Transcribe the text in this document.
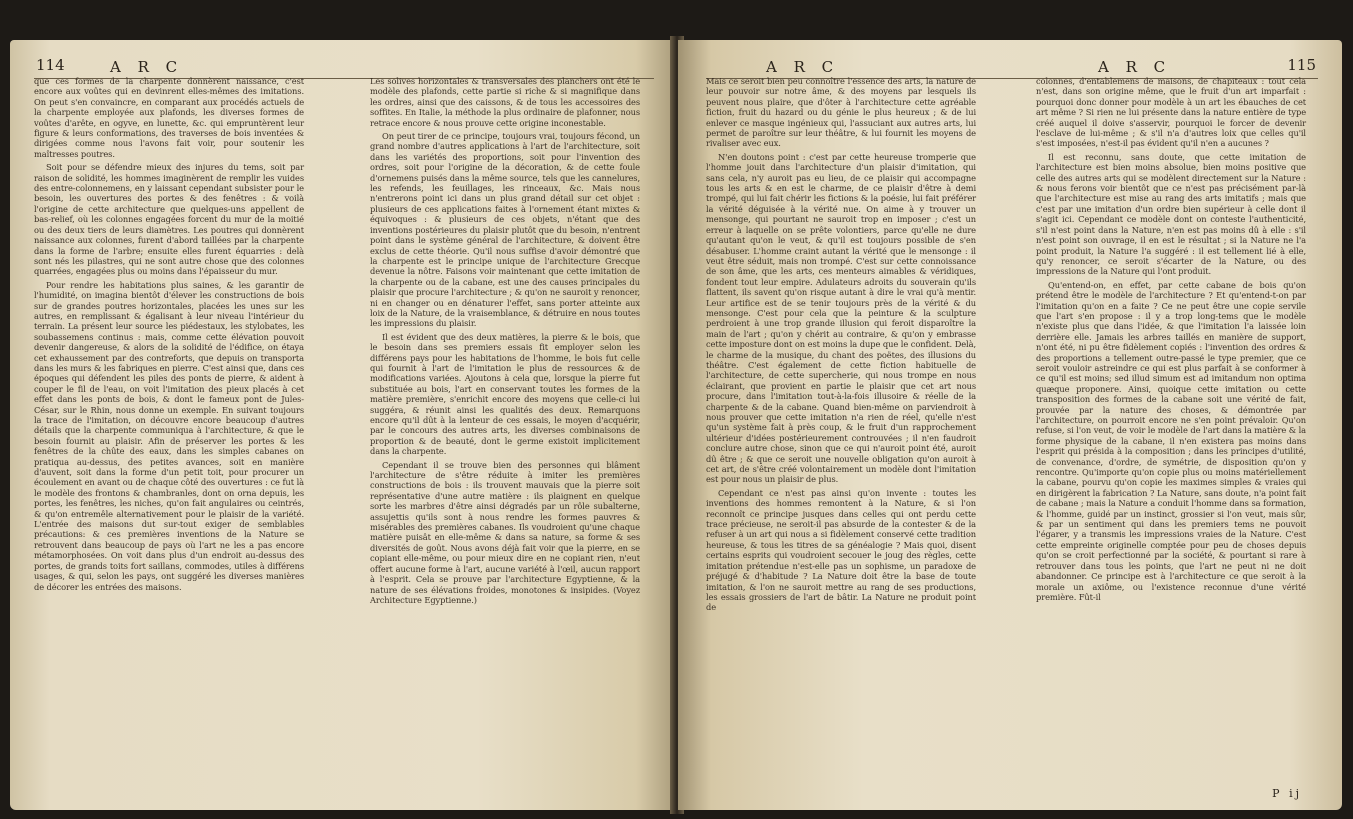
114	A R C

que ces formes de la charpente donnèrent naissance, c'est encore aux voûtes qui en devinrent elles-mêmes des imitations. On peut s'en convaincre, en comparant aux procédés actuels de la charpente employée aux plafonds, les diverses formes de voûtes d'arête, en ogyve, en lunette, &c. qui empruntèrent leur figure & leurs conformations, des traverses de bois inventées & dirigées comme nous l'avons fait voir, pour soutenir les maîtresses poutres.

Soit pour se défendre mieux des injures du tems, soit par raison de solidité, les hommes imaginèrent de remplir les vuides des entre-colonnemens, en y laissant cependant subsister pour le besoin, les ouvertures des portes & des fenêtres : & voilà l'origine de cette architecture que quelques-uns appellent de bas-relief, où les colonnes engagées forcent du mur de la moitié ou des deux tiers de leurs diamètres. Les poutres qui donnèrent naissance aux colonnes, furent d'abord taillées par la charpente dans la forme de l'arbre; ensuite elles furent équarries : delà sont nés les pilastres, qui ne sont autre chose que des colonnes quarrées, engagées plus ou moins dans l'épaisseur du mur.

Pour rendre les habitations plus saines, & les garantir de l'humidité, on imagina bientôt d'élever les constructions de bois sur de grandes poutres horizontales, placées les unes sur les autres, en remplissant & égalisant à leur niveau l'intérieur du terrain. La présent leur source les piédestaux, les stylobates, les soubassemens continus : mais, comme cette élévation pouvoit devenir dangereuse, & alors de la solidité de l'édifice, on étaya cet exhaussement par des contreforts, que depuis on transporta dans les murs & les fabriques en pierre. C'est ainsi que, dans ces époques qui défendent les piles des ponts de pierre, & aident à couper le fil de l'eau, on voit l'imitation des pieux placés à cet effet dans les ponts de bois, & dont le fameux pont de Jules-César, sur le Rhin, nous donne un exemple. En suivant toujours la trace de l'imitation, on découvre encore beaucoup d'autres détails que la charpente communiqua à l'architecture, & que le besoin fournit au plaisir. Afin de préserver les portes & les fenêtres de la chûte des eaux, dans les simples cabanes on pratiqua au-dessus, des petites avances, soit en manière d'auvent, soit dans la forme d'un petit toit, pour procurer un écoulement en avant ou de chaque côté des ouvertures : ce fut là le modèle des frontons & chambranles, dont on orna depuis, les portes, les fenêtres, les niches, qu'on fait angulaires ou ceintrés, & qu'on entremêle alternativement pour le plaisir de la variété. L'entrée des maisons dut sur-tout exiger de semblables précautions: & ces premières inventions de la Nature se retrouvent dans beaucoup de pays où l'art ne les a pas encore métamorphosées. On voit dans plus d'un endroit au-dessus des portes, de grands toits fort saillans, commodes, utiles à différens usages, & qui, selon les pays, ont suggéré les diverses manières de décorer les entrées des maisons.

Les solives horizontales & transversales des planchers ont été le modèle des plafonds, cette partie si riche & si magnifique dans les ordres, ainsi que des caissons, & de tous les accessoires des soffites. En Italie, la méthode la plus ordinaire de plafonner, nous retrace encore & nous prouve cette origine inconestable.

On peut tirer de ce principe, toujours vrai, toujours fécond, un grand nombre d'autres applications à l'art de l'architecture, soit dans les variétés des proportions, soit pour l'invention des ordres, soit pour l'origine de la décoration, & de cette foule d'ornemens puisés dans la même source, tels que les cannelures, les refends, les feuillages, les rinceaux, &c. Mais nous n'entrerons point ici dans un plus grand détail sur cet objet : plusieurs de ces applications faites à l'ornement étant mixtes & équivoques : & plusieurs de ces objets, n'étant que des inventions postérieures du plaisir plutôt que du besoin, n'entrent point dans le système général de l'architecture, & doivent être exclus de cette théorie. Qu'il nous suffise d'avoir démontré que la charpente est le principe unique de l'architecture Grecque devenue la nôtre. Faisons voir maintenant que cette imitation de la charpente ou de la cabane, est une des causes principales du plaisir que procure l'architecture ; & qu'on ne sauroit y renoncer, ni en changer ou en dénaturer l'effet, sans porter atteinte aux loix de la Nature, de la vraisemblance, & détruire en nous toutes les impressions du plaisir.

Il est évident que des deux matières, la pierre & le bois, que le besoin dans ses premiers essais fit employer selon les différens pays pour les habitations de l'homme, le bois fut celle qui fournit à l'art de l'imitation le plus de ressources & de modifications variées. Ajoutons à cela que, lorsque la pierre fut substituée au bois, l'art en conservant toutes les formes de la matière première, s'enrichit encore des moyens que celle-ci lui suggéra, & réunit ainsi les qualités des deux. Remarquons encore qu'il dût à la lenteur de ces essais, le moyen d'acquérir, par le concours des autres arts, les diverses combinaisons de proportion & de beauté, dont le germe existoit implicitement dans la charpente.

Cependant il se trouve bien des personnes qui blâment l'architecture de s'être réduite à imiter les premières constructions de bois : ils trouvent mauvais que la pierre soit représentative d'une autre matière : ils plaignent en quelque sorte les marbres d'être ainsi dégradés par un rôle subalterne, assujettis qu'ils sont à nous rendre les formes pauvres & misérables des premières cabanes. Ils voudroient qu'une chaque matière puisât en elle-même & dans sa nature, sa forme & ses diversités de goût. Nous avons déjà fait voir que la pierre, en se copiant elle-même, ou pour mieux dire en ne copiant rien, n'eut offert aucune forme à l'art, aucune variété à l'œil, aucun rapport à l'esprit. Cela se prouve par l'architecture Egyptienne, & la nature de ses élévations froides, monotones & insipides. (Voyez Architecture Egyptienne.)

A R C	A R C	115

Mais ce seroit bien peu connoître l'essence des arts, la nature de leur pouvoir sur notre âme, & des moyens par lesquels ils peuvent nous plaire, que d'ôter à l'architecture cette agréable fiction, fruit du hazard ou du génie le plus heureux ; & de lui enlever ce masque ingénieux qui, l'assuciant aux autres arts, lui permet de paroître sur leur théâtre, & lui fournit les moyens de rivaliser avec eux.

N'en doutons point : c'est par cette heureuse tromperie que l'homme jouit dans l'architecture d'un plaisir d'imitation, qui sans cela, n'y auroit pas eu lieu, de ce plaisir qui accompagne tous les arts & en est le charme, de ce plaisir d'être à demi trompé, qui lui fait chérir les fictions & la poésie, lui fait préférer la vérité déguisée à la vérité nue. On aime à y trouver un mensonge, qui pourtant ne sauroit trop en imposer ; c'est un erreur à laquelle on se prête volontiers, parce qu'elle ne dure qu'autant qu'on le veut, & qu'il est toujours possible de s'en désabuser. L'homme craint autant la vérité que le mensonge : il veut être séduit, mais non trompé. C'est sur cette connoissance de son âme, que les arts, ces menteurs aimables & véridiques, fondent tout leur empire. Adulateurs adroits du souverain qu'ils flattent, ils savent qu'on risque autant à dire le vrai qu'à mentir. Leur artifice est de se tenir toujours près de la vérité & du mensonge. C'est pour cela que la peinture & la sculpture perdroient à une trop grande illusion qui feroit disparoître la main de l'art ; qu'on y chérit au contraire, & qu'on y embrasse cette imposture dont on est moins la dupe que le confident. Delà, le charme de la musique, du chant des poëtes, des illusions du théâtre. C'est également de cette fiction habituelle de l'architecture, de cette supercherie, qui nous trompe en nous éclairant, que provient en partie le plaisir que cet art nous procure, dans l'imitation tout-à-la-fois illusoire & réelle de la charpente & de la cabane. Quand bien-même on parviendroit à nous prouver que cette imitation n'a rien de réel, qu'elle n'est qu'un système fait à près coup, & le fruit d'un rapprochement ultérieur d'idées postérieurement controuvées ; il n'en faudroit conclure autre chose, sinon que ce qui n'auroit point été, auroit dû être ; & que ce seroit une nouvelle obligation qu'on auroit à cet art, de s'être créé volontairement un modèle dont l'imitation est pour nous un plaisir de plus.

Cependant ce n'est pas ainsi qu'on invente : toutes les inventions des hommes remontent à la Nature, & si l'on reconnoît ce principe jusques dans celles qui ont perdu cette trace précieuse, ne seroit-il pas absurde de la contester & de la refuser à un art qui nous a si fidèlement conservé cette tradition heureuse, & tous les titres de sa généalogie ? Mais quoi, disent certains esprits qui voudroient secouer le joug des règles, cette imitation prétendue n'est-elle pas un sophisme, un paradoxe de préjugé & d'habitude ? La Nature doit être la base de toute imitation, & l'on ne sauroit mettre au rang de ses productions, les essais grossiers de l'art de bâtir. La Nature ne produit point de

colonnes, d'entablemens de maisons, de chapiteaux : tout cela n'est, dans son origine même, que le fruit d'un art imparfait : pourquoi donc donner pour modèle à un art les ébauches de cet art même ? Si rien ne lui présente dans la nature entière de type créé auquel il doive s'asservir, pourquoi le forcer de devenir l'esclave de lui-même ; & s'il n'a d'autres loix que celles qu'il s'est imposées, n'est-il pas évident qu'il n'en a aucunes ?

Il est reconnu, sans doute, que cette imitation de l'architecture est bien moins absolue, bien moins positive que celle des autres arts qui se modèlent directement sur la Nature : & nous ferons voir bientôt que ce n'est pas précisément par-là que l'architecture est mise au rang des arts imitatifs ; mais que c'est par une imitation d'un ordre bien supérieur à celle dont il s'agit ici. Cependant ce modèle dont on conteste l'authenticité, s'il n'est point dans la Nature, n'en est pas moins dû à elle : s'il n'est point son ouvrage, il en est le résultat ; si la Nature ne l'a point produit, la Nature l'a suggéré : il est tellement lié à elle, qu'y renoncer, ce seroit s'écarter de la Nature, ou des impressions de la Nature qui l'ont produit.

Qu'entend-on, en effet, par cette cabane de bois qu'on prétend être le modèle de l'architecture ? Et qu'entend-t-on par l'imitation qu'on en a faite ? Ce ne peut être une copie servile que l'art s'en propose : il y a trop long-tems que le modèle n'existe plus que dans l'idée, & que l'imitation l'a laissée loin derrière elle. Jamais les arbres taillés en manière de support, n'ont été, ni pu être fidèlement copiés : l'invention des ordres & des proportions a tellement outre-passé le type premier, que ce seroit vouloir astreindre ce qui est plus parfait à se conformer à ce qu'il est moins; sed illud simum est ad imitandum non optima quæque proponere. Ainsi, quoique cette imitation ou cette transposition des formes de la cabane soit une vérité de fait, prouvée par la nature des choses, & démontrée par l'architecture, on pourroit encore ne s'en point prévaloir. Qu'on refuse, si l'on veut, de voir le modèle de l'art dans la matière & la forme physique de la cabane, il n'en existera pas moins dans l'esprit qui présida à la composition ; dans les principes d'utilité, de convenance, d'ordre, de symétrie, de disposition qu'on y rencontre. Qu'importe qu'on copie plus ou moins matériellement la cabane, pourvu qu'on copie les maximes simples & vraies qui en dirigèrent la fabrication ? La Nature, sans doute, n'a point fait de cabane ; mais la Nature a conduit l'homme dans sa formation, & l'homme, guidé par un instinct, grossier si l'on veut, mais sûr, & par un sentiment qui dans les premiers tems ne pouvoit l'égarer, y a transmis les impressions vraies de la Nature. C'est cette empreinte originelle comptée pour peu de choses depuis qu'on se croit perfectionné par la société, & pourtant si rare à retrouver dans tous les points, que l'art ne peut ni ne doit abandonner. Ce principe est à l'architecture ce que seroit à la morale un axiôme, ou l'existence reconnue d'une vérité première. Fût-il

P ij
